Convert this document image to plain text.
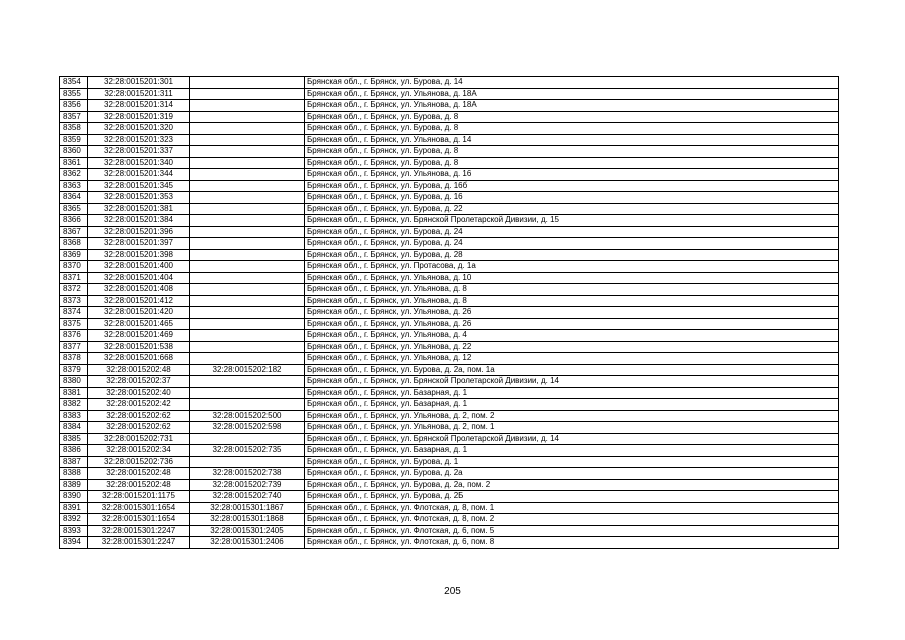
8354	32:28:0015201:301		Брянская обл., г. Брянск, ул. Бурова, д. 14
8355	32:28:0015201:311		Брянская обл., г. Брянск, ул. Ульянова, д. 18А
8356	32:28:0015201:314		Брянская обл., г. Брянск, ул. Ульянова, д. 18А
8357	32:28:0015201:319		Брянская обл., г. Брянск, ул. Бурова, д. 8
8358	32:28:0015201:320		Брянская обл., г. Брянск, ул. Бурова, д. 8
8359	32:28:0015201:323		Брянская обл., г. Брянск, ул. Ульянова, д. 14
8360	32:28:0015201:337		Брянская обл., г. Брянск, ул. Бурова, д. 8
8361	32:28:0015201:340		Брянская обл., г. Брянск, ул. Бурова, д. 8
8362	32:28:0015201:344		Брянская обл., г. Брянск, ул. Ульянова, д. 16
8363	32:28:0015201:345		Брянская обл., г. Брянск, ул. Бурова, д. 16б
8364	32:28:0015201:353		Брянская обл., г. Брянск, ул. Бурова, д. 16
8365	32:28:0015201:381		Брянская обл., г. Брянск, ул. Бурова, д. 22
8366	32:28:0015201:384		Брянская обл., г. Брянск, ул. Брянской Пролетарской Дивизии, д. 15
8367	32:28:0015201:396		Брянская обл., г. Брянск, ул. Бурова, д. 24
8368	32:28:0015201:397		Брянская обл., г. Брянск, ул. Бурова, д. 24
8369	32:28:0015201:398		Брянская обл., г. Брянск, ул. Бурова, д. 28
8370	32:28:0015201:400		Брянская обл., г. Брянск, ул. Протасова, д. 1а
8371	32:28:0015201:404		Брянская обл., г. Брянск, ул. Ульянова, д. 10
8372	32:28:0015201:408		Брянская обл., г. Брянск, ул. Ульянова, д. 8
8373	32:28:0015201:412		Брянская обл., г. Брянск, ул. Ульянова, д. 8
8374	32:28:0015201:420		Брянская обл., г. Брянск, ул. Ульянова, д. 26
8375	32:28:0015201:465		Брянская обл., г. Брянск, ул. Ульянова, д. 26
8376	32:28:0015201:469		Брянская обл., г. Брянск, ул. Ульянова, д. 4
8377	32:28:0015201:538		Брянская обл., г. Брянск, ул. Ульянова, д. 22
8378	32:28:0015201:668		Брянская обл., г. Брянск, ул. Ульянова, д. 12
8379	32:28:0015202:48	32:28:0015202:182	Брянская обл., г. Брянск, ул. Бурова, д. 2а, пом. 1а
8380	32:28:0015202:37		Брянская обл., г. Брянск, ул. Брянской Пролетарской Дивизии, д. 14
8381	32:28:0015202:40		Брянская обл., г. Брянск, ул. Базарная, д. 1
8382	32:28:0015202:42		Брянская обл., г. Брянск, ул. Базарная, д. 1
8383	32:28:0015202:62	32:28:0015202:500	Брянская обл., г. Брянск, ул. Ульянова, д. 2, пом. 2
8384	32:28:0015202:62	32:28:0015202:598	Брянская обл., г. Брянск, ул. Ульянова, д. 2, пом. 1
8385	32:28:0015202:731		Брянская обл., г. Брянск, ул. Брянской Пролетарской Дивизии, д. 14
8386	32:28:0015202:34	32:28:0015202:735	Брянская обл., г. Брянск, ул. Базарная, д. 1
8387	32:28:0015202:736		Брянская обл., г. Брянск, ул. Бурова, д. 1
8388	32:28:0015202:48	32:28:0015202:738	Брянская обл., г. Брянск, ул. Бурова, д. 2а
8389	32:28:0015202:48	32:28:0015202:739	Брянская обл., г. Брянск, ул. Бурова, д. 2а, пом. 2
8390	32:28:0015201:1175	32:28:0015202:740	Брянская обл., г. Брянск, ул. Бурова, д. 2Б
8391	32:28:0015301:1654	32:28:0015301:1867	Брянская обл., г. Брянск, ул. Флотская, д. 8, пом. 1
8392	32:28:0015301:1654	32:28:0015301:1868	Брянская обл., г. Брянск, ул. Флотская, д. 8, пом. 2
8393	32:28:0015301:2247	32:28:0015301:2405	Брянская обл., г. Брянск, ул. Флотская, д. 6, пом. 5
8394	32:28:0015301:2247	32:28:0015301:2406	Брянская обл., г. Брянск, ул. Флотская, д. 6, пом. 8
205
